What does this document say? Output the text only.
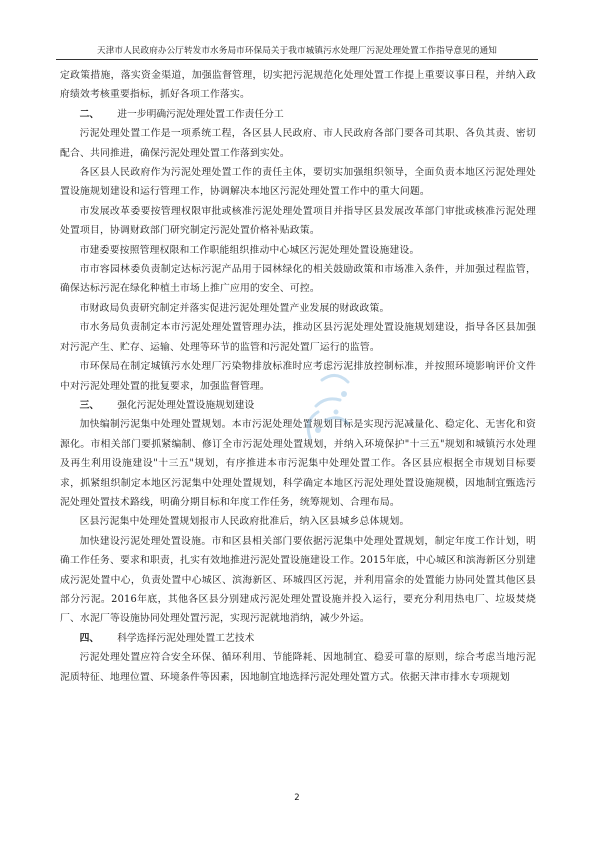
天津市人民政府办公厅转发市水务局市环保局关于我市城镇污水处理厂污泥处理处置工作指导意见的通知

定政策措施，落实资金渠道，加强监督管理，切实把污泥规范化处理处置工作提上重要议事日程，并纳入政府绩效考核重要指标，抓好各项工作落实。

二、 进一步明确污泥处理处置工作责任分工

污泥处理处置工作是一项系统工程，各区县人民政府、市人民政府各部门要各司其职、各负其责、密切配合、共同推进，确保污泥处理处置工作落到实处。

各区县人民政府作为污泥处理处置工作的责任主体，要切实加强组织领导，全面负责本地区污泥处理处置设施规划建设和运行管理工作，协调解决本地区污泥处理处置工作中的重大问题。

市发展改革委要按管理权限审批或核准污泥处理处置项目并指导区县发展改革部门审批或核准污泥处理处置项目，协调财政部门研究制定污泥处置价格补贴政策。

市建委要按照管理权限和工作职能组织推动中心城区污泥处理处置设施建设。

市市容园林委负责制定达标污泥产品用于园林绿化的相关鼓励政策和市场准入条件，并加强过程监管，确保达标污泥在绿化种植土市场上推广应用的安全、可控。

市财政局负责研究制定并落实促进污泥处理处置产业发展的财政政策。

市水务局负责制定本市污泥处理处置管理办法，推动区县污泥处理处置设施规划建设，指导各区县加强对污泥产生、贮存、运输、处理等环节的监管和污泥处置厂运行的监管。

市环保局在制定城镇污水处理厂污染物排放标准时应考虑污泥排放控制标准，并按照环境影响评价文件中对污泥处理处置的批复要求，加强监督管理。

三、 强化污泥处理处置设施规划建设

加快编制污泥集中处理处置规划。本市污泥处理处置规划目标是实现污泥减量化、稳定化、无害化和资源化。市相关部门要抓紧编制、修订全市污泥处理处置规划，并纳入环境保护"十三五"规划和城镇污水处理及再生利用设施建设"十三五"规划，有序推进本市污泥集中处理处置工作。各区县应根据全市规划目标要求，抓紧组织制定本地区污泥集中处理处置规划，科学确定本地区污泥处理处置设施规模，因地制宜甄选污泥处理处置技术路线，明确分期目标和年度工作任务，统筹规划、合理布局。

区县污泥集中处理处置规划报市人民政府批准后，纳入区县城乡总体规划。

加快建设污泥处理处置设施。市和区县相关部门要依据污泥集中处理处置规划，制定年度工作计划，明确工作任务、要求和职责，扎实有效地推进污泥处置设施建设工作。2015年底，中心城区和滨海新区分别建成污泥处置中心，负责处置中心城区、滨海新区、环城四区污泥，并利用富余的处置能力协同处置其他区县部分污泥。2016年底，其他各区县分别建成污泥处理处置设施并投入运行，要充分利用热电厂、垃圾焚烧厂、水泥厂等设施协同处理处置污泥，实现污泥就地消纳，减少外运。

四、 科学选择污泥处理处置工艺技术

污泥处理处置应符合安全环保、循环利用、节能降耗、因地制宜、稳妥可靠的原则，综合考虑当地污泥泥质特征、地理位置、环境条件等因素，因地制宜地选择污泥处理处置方式。依据天津市排水专项规划

2
